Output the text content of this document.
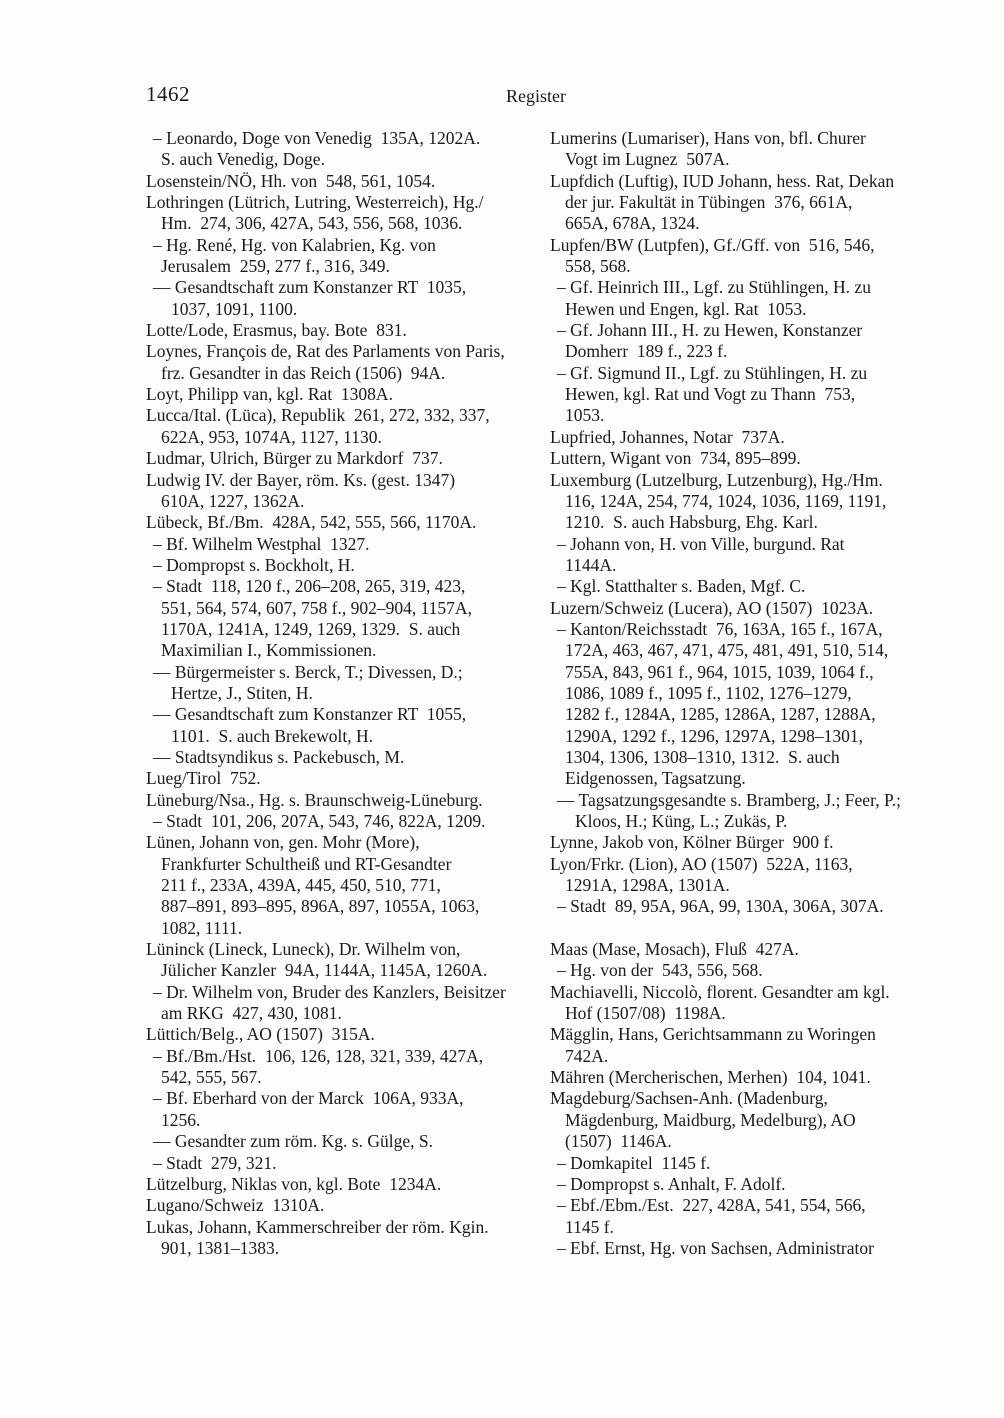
1462	Register
– Leonardo, Doge von Venedig  135A, 1202A.
S. auch Venedig, Doge.
Losenstein/NÖ, Hh. von  548, 561, 1054.
Lothringen (Lütrich, Lutring, Westerreich), Hg./
Hm.  274, 306, 427A, 543, 556, 568, 1036.
– Hg. René, Hg. von Kalabrien, Kg. von
Jerusalem  259, 277 f., 316, 349.
–– Gesandtschaft zum Konstanzer RT  1035,
1037, 1091, 1100.
Lotte/Lode, Erasmus, bay. Bote  831.
Loynes, François de, Rat des Parlaments von Paris,
frz. Gesandter in das Reich (1506)  94A.
Loyt, Philipp van, kgl. Rat  1308A.
Lucca/Ital. (Lüca), Republik  261, 272, 332, 337,
622A, 953, 1074A, 1127, 1130.
Ludmar, Ulrich, Bürger zu Markdorf  737.
Ludwig IV. der Bayer, röm. Ks. (gest. 1347)
610A, 1227, 1362A.
Lübeck, Bf./Bm.  428A, 542, 555, 566, 1170A.
– Bf. Wilhelm Westphal  1327.
– Dompropst s. Bockholt, H.
– Stadt  118, 120 f., 206–208, 265, 319, 423,
551, 564, 574, 607, 758 f., 902–904, 1157A,
1170A, 1241A, 1249, 1269, 1329.  S. auch
Maximilian I., Kommissionen.
–– Bürgermeister s. Berck, T.; Divessen, D.;
Hertze, J., Stiten, H.
–– Gesandtschaft zum Konstanzer RT  1055,
1101.  S. auch Brekewolt, H.
–– Stadtsyndikus s. Packebusch, M.
Lueg/Tirol  752.
Lüneburg/Nsa., Hg. s. Braunschweig-Lüneburg.
– Stadt  101, 206, 207A, 543, 746, 822A, 1209.
Lünen, Johann von, gen. Mohr (More),
Frankfurter Schultheiß und RT-Gesandter
211 f., 233A, 439A, 445, 450, 510, 771,
887–891, 893–895, 896A, 897, 1055A, 1063,
1082, 1111.
Lüninck (Lineck, Luneck), Dr. Wilhelm von,
Jülicher Kanzler  94A, 1144A, 1145A, 1260A.
– Dr. Wilhelm von, Bruder des Kanzlers, Beisitzer
am RKG  427, 430, 1081.
Lüttich/Belg., AO (1507)  315A.
– Bf./Bm./Hst.  106, 126, 128, 321, 339, 427A,
542, 555, 567.
– Bf. Eberhard von der Marck  106A, 933A,
1256.
–– Gesandter zum röm. Kg. s. Gülge, S.
– Stadt  279, 321.
Lützelburg, Niklas von, kgl. Bote  1234A.
Lugano/Schweiz  1310A.
Lukas, Johann, Kammerschreiber der röm. Kgin.
901, 1381–1383.
Lumerins (Lumariser), Hans von, bfl. Churer
Vogt im Lugnez  507A.
Lupfdich (Luftig), IUD Johann, hess. Rat, Dekan
der jur. Fakultät in Tübingen  376, 661A,
665A, 678A, 1324.
Lupfen/BW (Lutpfen), Gf./Gff. von  516, 546,
558, 568.
– Gf. Heinrich III., Lgf. zu Stühlingen, H. zu
Hewen und Engen, kgl. Rat  1053.
– Gf. Johann III., H. zu Hewen, Konstanzer
Domherr  189 f., 223 f.
– Gf. Sigmund II., Lgf. zu Stühlingen, H. zu
Hewen, kgl. Rat und Vogt zu Thann  753,
1053.
Lupfried, Johannes, Notar  737A.
Luttern, Wigant von  734, 895–899.
Luxemburg (Lutzelburg, Lutzenburg), Hg./Hm.
116, 124A, 254, 774, 1024, 1036, 1169, 1191,
1210.  S. auch Habsburg, Ehg. Karl.
– Johann von, H. von Ville, burgund. Rat
1144A.
– Kgl. Statthalter s. Baden, Mgf. C.
Luzern/Schweiz (Lucera), AO (1507)  1023A.
– Kanton/Reichsstadt  76, 163A, 165 f., 167A,
172A, 463, 467, 471, 475, 481, 491, 510, 514,
755A, 843, 961 f., 964, 1015, 1039, 1064 f.,
1086, 1089 f., 1095 f., 1102, 1276–1279,
1282 f., 1284A, 1285, 1286A, 1287, 1288A,
1290A, 1292 f., 1296, 1297A, 1298–1301,
1304, 1306, 1308–1310, 1312.  S. auch
Eidgenossen, Tagsatzung.
–– Tagsatzungsgesandte s. Bramberg, J.; Feer, P.;
Kloos, H.; Küng, L.; Zukäs, P.
Lynne, Jakob von, Kölner Bürger  900 f.
Lyon/Frkr. (Lion), AO (1507)  522A, 1163,
1291A, 1298A, 1301A.
– Stadt  89, 95A, 96A, 99, 130A, 306A, 307A.
Maas (Mase, Mosach), Fluß  427A.
– Hg. von der  543, 556, 568.
Machiavelli, Niccolò, florent. Gesandter am kgl.
Hof (1507/08)  1198A.
Mägglin, Hans, Gerichtsammann zu Woringen
742A.
Mähren (Mercherischen, Merhen)  104, 1041.
Magdeburg/Sachsen-Anh. (Madenburg,
Mägdenburg, Maidburg, Medelburg), AO
(1507)  1146A.
– Domkapitel  1145 f.
– Dompropst s. Anhalt, F. Adolf.
– Ebf./Ebm./Est.  227, 428A, 541, 554, 566,
1145 f.
– Ebf. Ernst, Hg. von Sachsen, Administrator
